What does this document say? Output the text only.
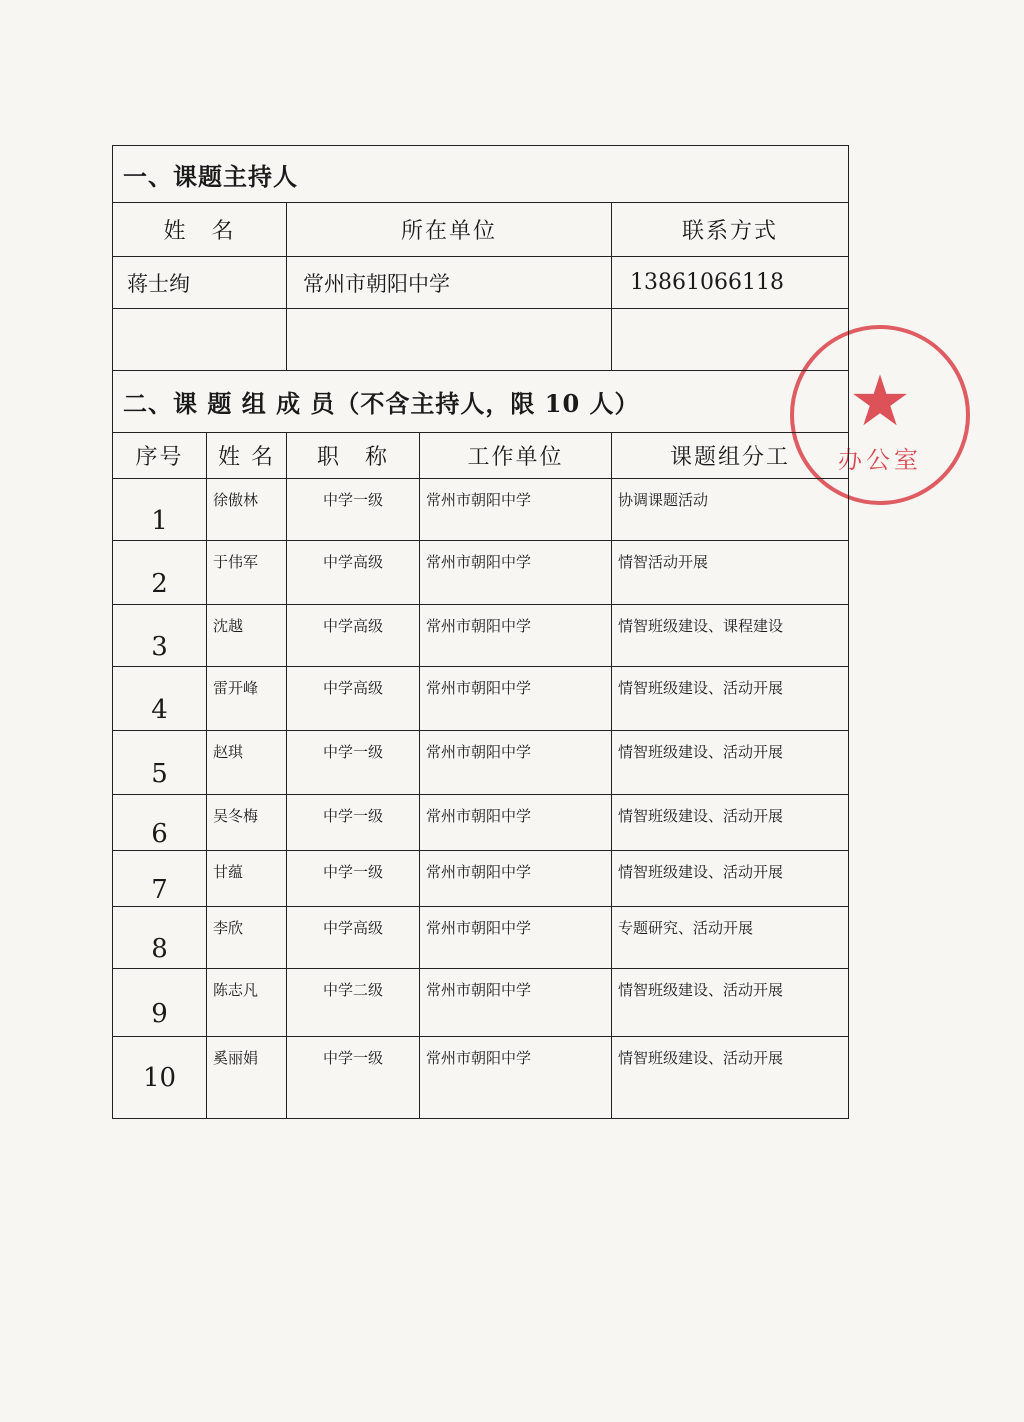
★
办公室
一、课题主持人				
姓　名		所在单位		联系方式
蒋士绚		常州市朝阳中学		13861066118

二、课 题 组 成 员（不含主持人，限 10 人）				
序号	姓 名	职　称	工作单位	课题组分工
1	徐傲林	中学一级	常州市朝阳中学	协调课题活动
2	于伟军	中学高级	常州市朝阳中学	情智活动开展
3	沈越	中学高级	常州市朝阳中学	情智班级建设、课程建设
4	雷开峰	中学高级	常州市朝阳中学	情智班级建设、活动开展
5	赵琪	中学一级	常州市朝阳中学	情智班级建设、活动开展
6	吴冬梅	中学一级	常州市朝阳中学	情智班级建设、活动开展
7	甘蕴	中学一级	常州市朝阳中学	情智班级建设、活动开展
8	李欣	中学高级	常州市朝阳中学	专题研究、活动开展
9	陈志凡	中学二级	常州市朝阳中学	情智班级建设、活动开展
10	奚丽娟	中学一级	常州市朝阳中学	情智班级建设、活动开展
